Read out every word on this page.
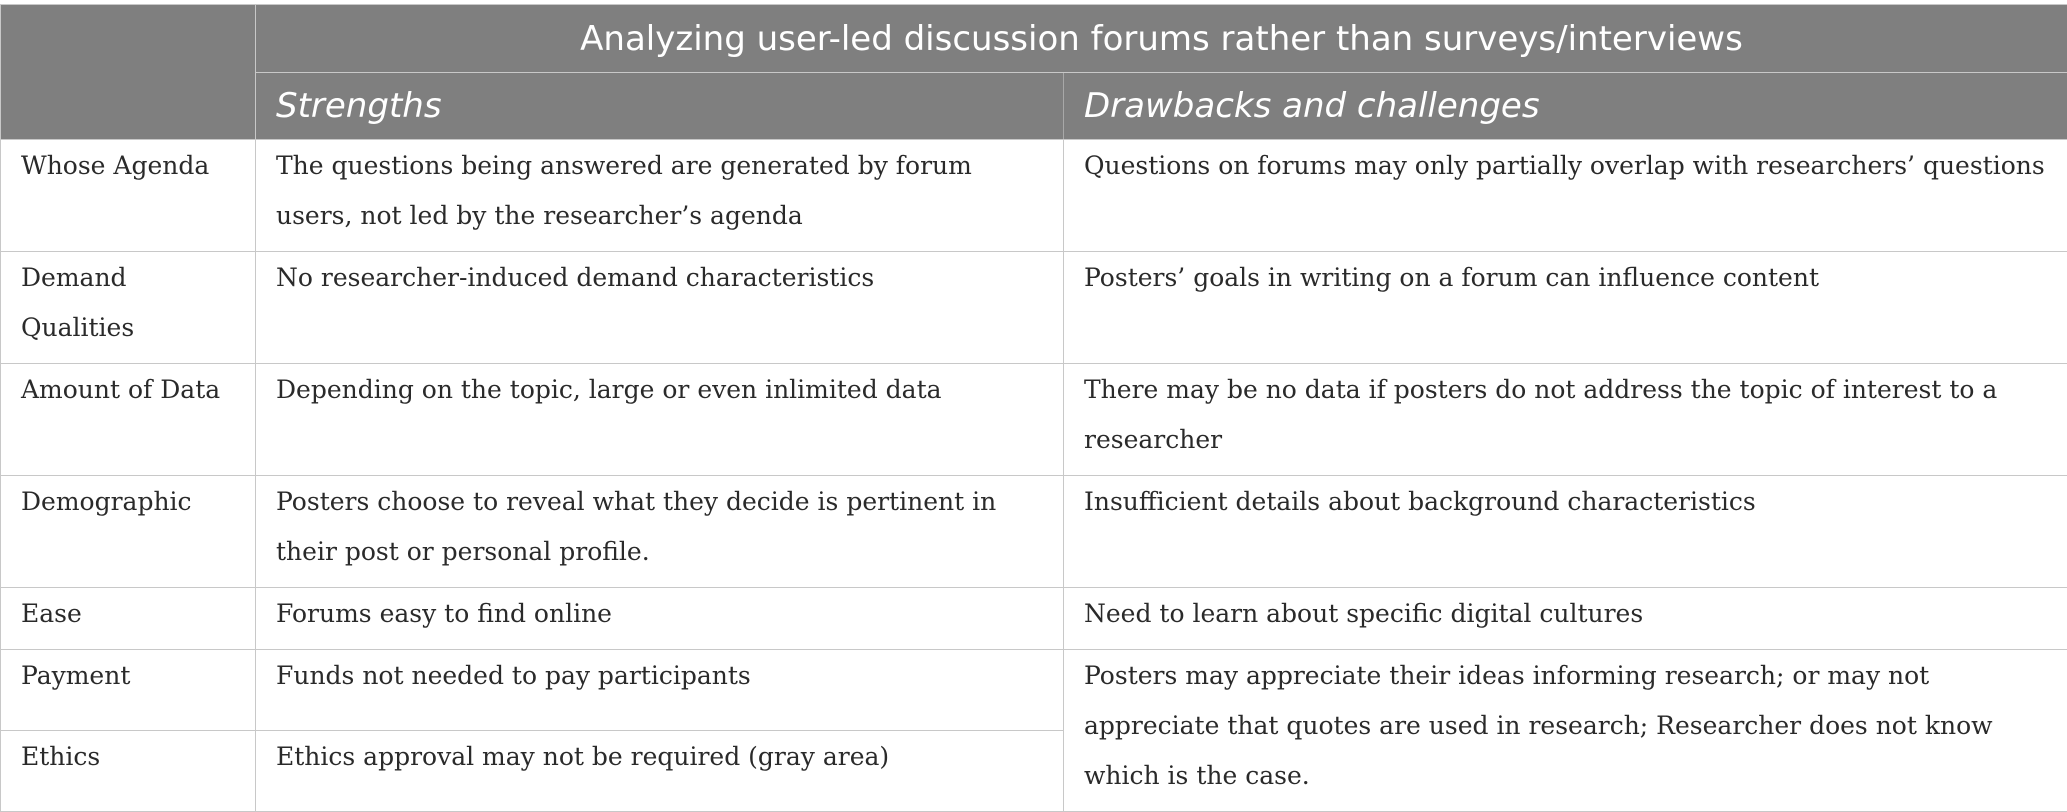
	Analyzing user-led discussion forums rather than surveys/interviews	
	Strengths	Drawbacks and challenges
Whose Agenda	The questions being answered are generated by forum users, not led by the researcher’s agenda	Questions on forums may only partially overlap with researchers’ questions
Demand Qualities	No researcher-induced demand characteristics	Posters’ goals in writing on a forum can influence content
Amount of Data	Depending on the topic, large or even inlimited data	There may be no data if posters do not address the topic of interest to a researcher
Demographic	Posters choose to reveal what they decide is pertinent in their post or personal profile.	Insufficient details about background characteristics
Ease	Forums easy to find online	Need to learn about specific digital cultures
Payment	Funds not needed to pay participants	Posters may appreciate their ideas informing research; or may not appreciate that quotes are used in research; Researcher does not know which is the case.
Ethics	Ethics approval may not be required (gray area)	
